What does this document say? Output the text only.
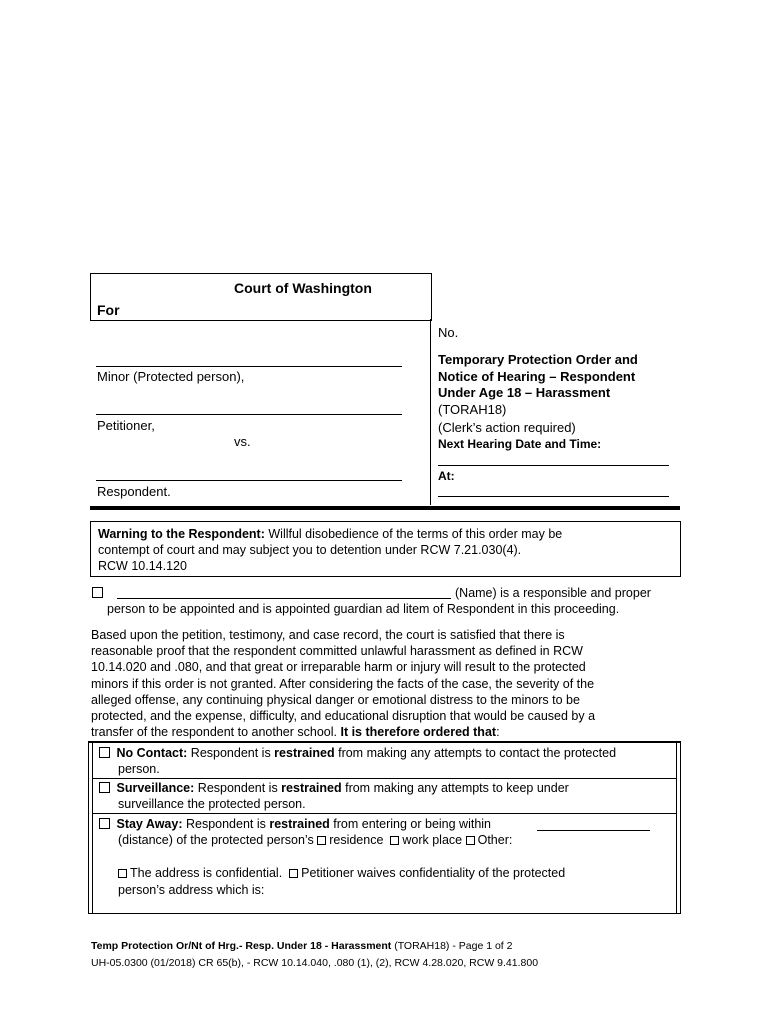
Court of Washington
For
No.
Minor (Protected person),
Petitioner,
vs.
Respondent.
Temporary Protection Order and
Notice of Hearing – Respondent
Under Age 18 – Harassment
(TORAH18)
(Clerk’s action required)
Next Hearing Date and Time:
At:
Warning to the Respondent: Willful disobedience of the terms of this order may be
contempt of court and may subject you to detention under RCW 7.21.030(4).
RCW 10.14.120
(Name) is a responsible and proper
person to be appointed and is appointed guardian ad litem of Respondent in this proceeding.
Based upon the petition, testimony, and case record, the court is satisfied that there is
reasonable proof that the respondent committed unlawful harassment as defined in RCW
10.14.020 and .080, and that great or irreparable harm or injury will result to the protected
minors if this order is not granted. After considering the facts of the case, the severity of the
alleged offense, any continuing physical danger or emotional distress to the minors to be
protected, and the expense, difficulty, and educational disruption that would be caused by a
transfer of the respondent to another school. It is therefore ordered that:
No Contact: Respondent is restrained from making any attempts to contact the protected
person.
Surveillance: Respondent is restrained from making any attempts to keep under
surveillance the protected person.
Stay Away: Respondent is restrained from entering or being within
(distance) of the protected person’s residence work place Other:
The address is confidential. Petitioner waives confidentiality of the protected
person’s address which is:
Temp Protection Or/Nt of Hrg.- Resp. Under 18 - Harassment (TORAH18) - Page 1 of 2
UH-05.0300 (01/2018) CR 65(b), - RCW 10.14.040, .080 (1), (2), RCW 4.28.020, RCW 9.41.800
